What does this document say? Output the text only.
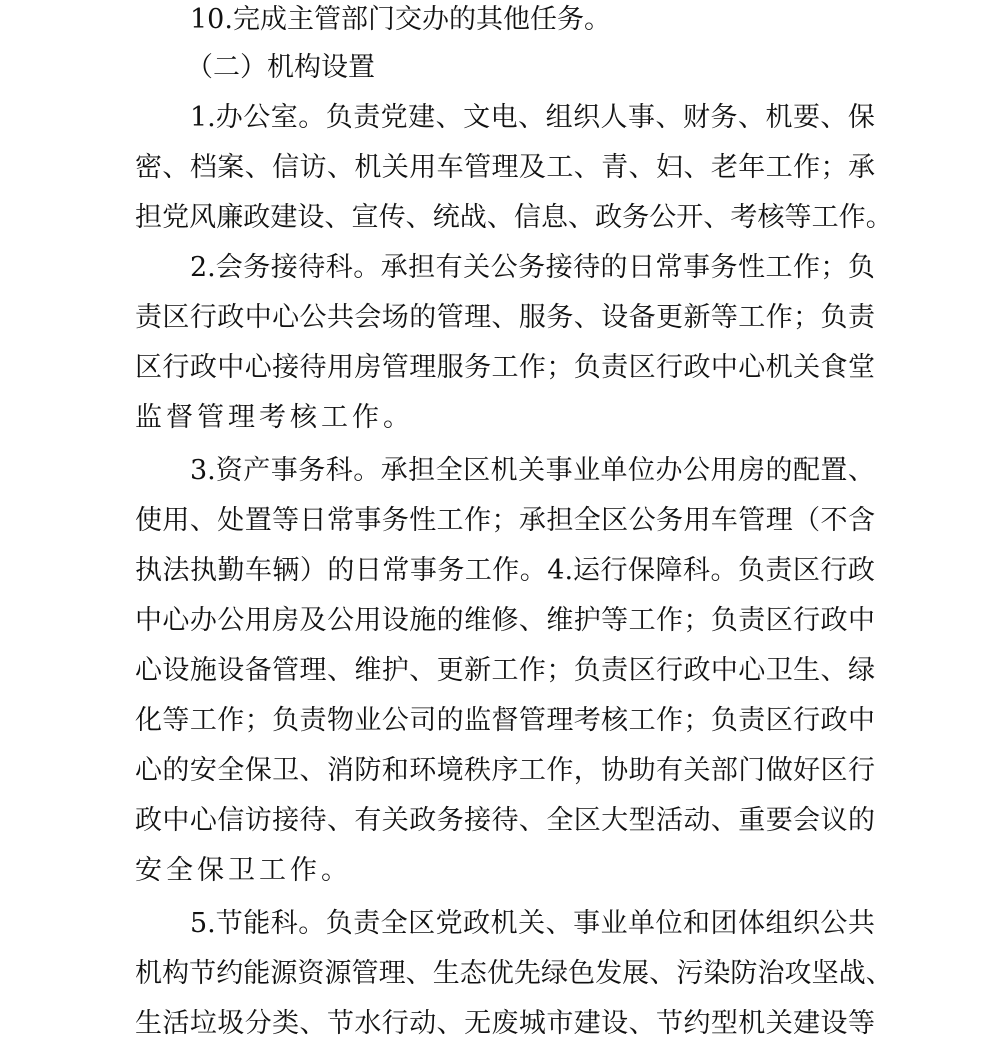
10.完成主管部门交办的其他任务。
（二）机构设置
1.办 公 室 。 负 责 党 建 、 文 电 、 组 织 人 事 、 财 务 、 机 要 、 保
密 、 档 案 、 信 访 、 机 关 用 车 管 理 及 工 、 青 、 妇 、 老 年 工 作 ； 承
担 党 风 廉 政 建 设 、 宣 传 、 统 战 、 信 息 、 政 务 公 开 、 考 核 等 工 作 。
2.会 务 接 待 科 。 承 担 有 关 公 务 接 待 的 日 常 事 务 性 工 作 ； 负
责 区 行 政 中 心 公 共 会 场 的 管 理 、 服 务 、 设 备 更 新 等 工 作 ； 负 责
区 行 政 中 心 接 待 用 房 管 理 服 务 工 作 ； 负 责 区 行 政 中 心 机 关 食 堂
监督管理考核工作。
3.资 产 事 务 科 。 承 担 全 区 机 关 事 业 单 位 办 公 用 房 的 配 置 、
使 用 、 处 置 等 日 常 事 务 性 工 作 ； 承 担 全 区 公 务 用 车 管 理 （ 不 含
执 法 执 勤 车 辆 ） 的 日 常 事 务 工 作 。 4.运 行 保 障 科 。 负 责 区 行 政
中 心 办 公 用 房 及 公 用 设 施 的 维 修 、 维 护 等 工 作 ； 负 责 区 行 政 中
心 设 施 设 备 管 理 、 维 护 、 更 新 工 作 ； 负 责 区 行 政 中 心 卫 生 、 绿
化 等 工 作 ； 负 责 物 业 公 司 的 监 督 管 理 考 核 工 作 ； 负 责 区 行 政 中
心 的 安 全 保 卫 、 消 防 和 环 境 秩 序 工 作 ， 协 助 有 关 部 门 做 好 区 行
政 中 心 信 访 接 待 、 有 关 政 务 接 待 、 全 区 大 型 活 动 、 重 要 会 议 的
安全保卫工作。
5.节 能 科 。 负 责 全 区 党 政 机 关 、 事 业 单 位 和 团 体 组 织 公 共
机 构 节 约 能 源 资 源 管 理 、 生 态 优 先 绿 色 发 展 、 污 染 防 治 攻 坚 战 、
生 活 垃 圾 分 类 、 节 水 行 动 、 无 废 城 市 建 设 、 节 约 型 机 关 建 设 等
